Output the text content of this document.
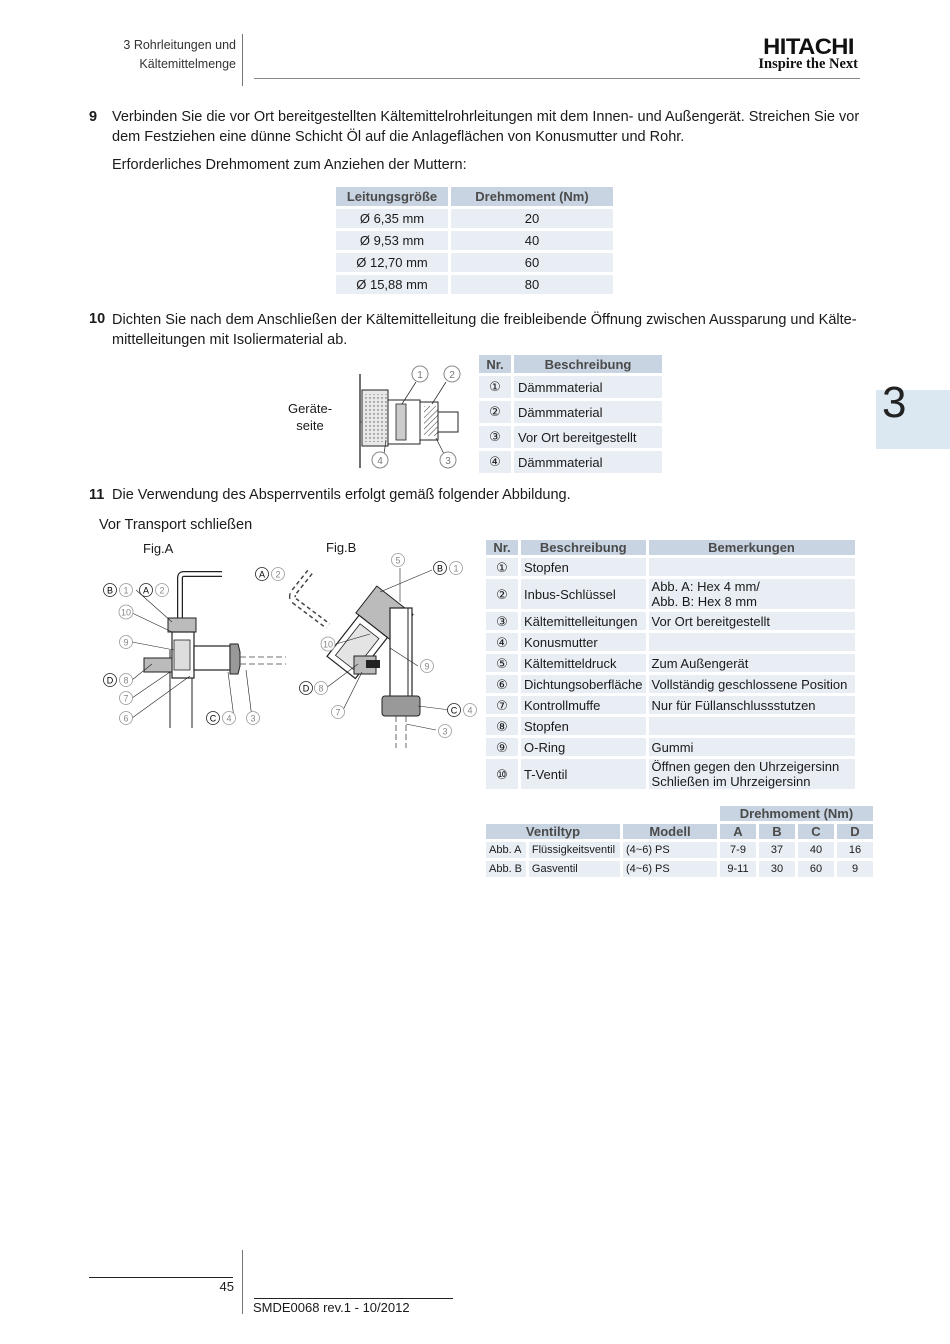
3 Rohrleitungen und
Kältemittelmenge
HITACHI
Inspire the Next
3
9 Verbinden Sie die vor Ort bereitgestellten Kältemittelrohrleitungen mit dem Innen- und Außengerät. Streichen Sie vor
dem Festziehen eine dünne Schicht Öl auf die Anlageflächen von Konusmutter und Rohr.
Erforderliches Drehmoment zum Anziehen der Muttern:
Leitungsgröße	Drehmoment (Nm)
Ø 6,35 mm	20
Ø 9,53 mm	40
Ø 12,70 mm	60
Ø 15,88 mm	80
10 Dichten Sie nach dem Anschließen der Kältemittelleitung die freibleibende Öffnung zwischen Aussparung und Kälte-
mittelleitungen mit Isoliermaterial ab.
Geräte-
seite
1	2
3
4
Nr.	Beschreibung
①	Dämmmaterial
②	Dämmmaterial
③	Vor Ort bereitgestellt
④	Dämmmaterial
11 Die Verwendung des Absperrventils erfolgt gemäß folgender Abbildung.
Vor Transport schließen
Fig.A	Fig.B
B 1 A 2
10
9
D 8
7
6	C 4 3
A 2
5
B 1
10
9
D 8
7	C 4
3
Nr.	Beschreibung	Bemerkungen
①	Stopfen	
②	Inbus-Schlüssel	Abb. A: Hex 4 mm/
Abb. B: Hex 8 mm

③	Kältemittelleitungen	Vor Ort bereitgestellt
④	Konusmutter	
⑤	Kältemitteldruck	Zum Außengerät
⑥	Dichtungsoberfläche	Vollständig geschlossene Position
⑦	Kontrollmuffe	Nur für Füllanschlussstutzen
⑧	Stopfen	
⑨	O-Ring	Gummi
⑩	T-Ventil	Öffnen gegen den Uhrzeigersinn
Schließen im Uhrzeigersinn
			Drehmoment (Nm)			
Ventiltyp		Modell	A	B	C	D
Abb. A	Flüssigkeitsventil	(4~6) PS	7-9	37	40	16
Abb. B	Gasventil	(4~6) PS	9-11	30	60	9
45
SMDE0068 rev.1 - 10/2012
